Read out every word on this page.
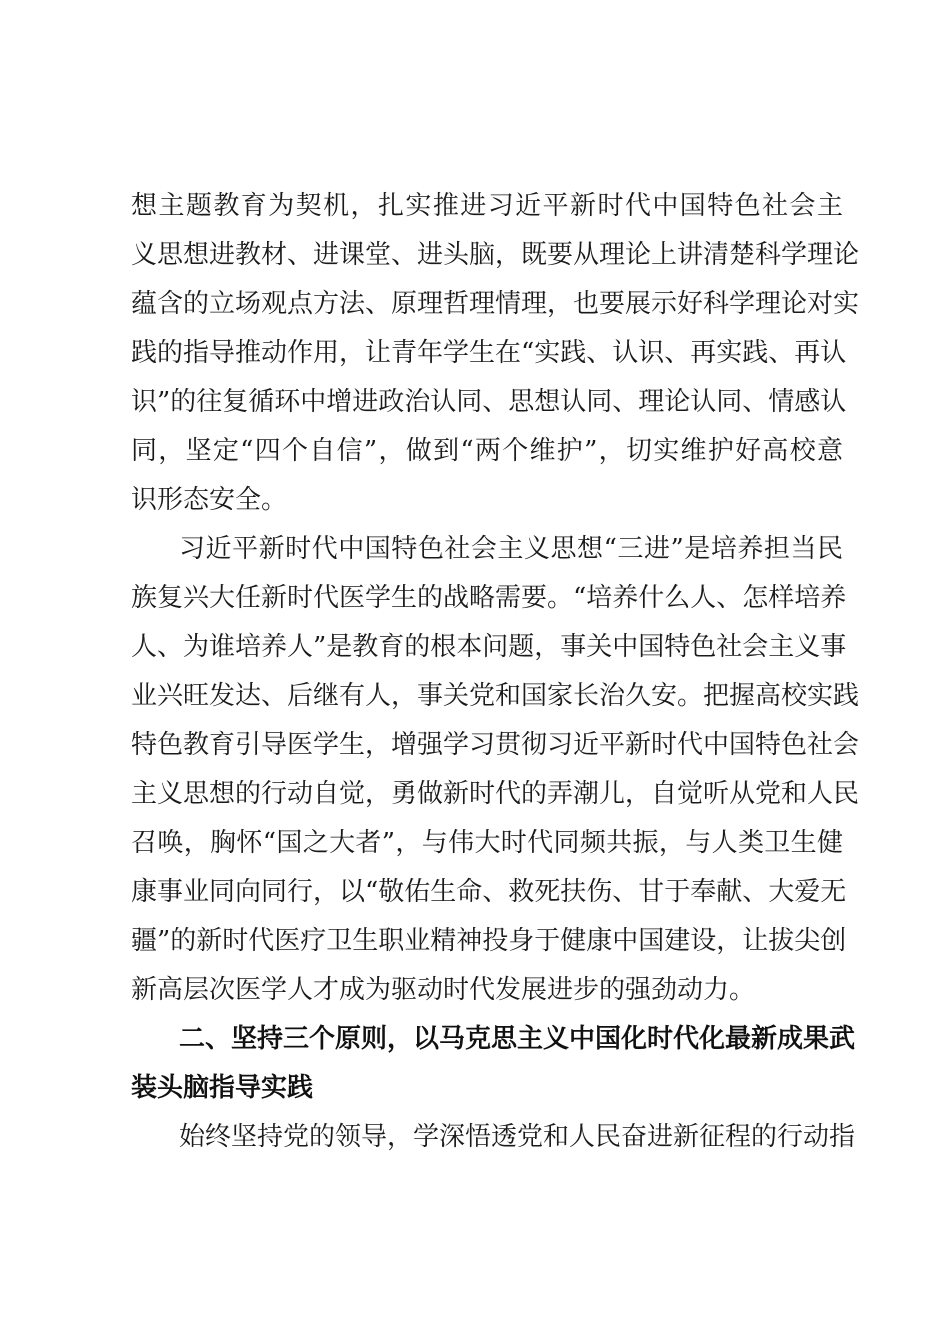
想主题教育为契机，扎实推进习近平新时代中国特色社会主
义思想进教材、进课堂、进头脑，既要从理论上讲清楚科学理论
蕴含的立场观点方法、原理哲理情理，也要展示好科学理论对实
践的指导推动作用，让青年学生在“实践、认识、再实践、再认
识”的往复循环中增进政治认同、思想认同、理论认同、情感认
同，坚定“四个自信”，做到“两个维护”，切实维护好高校意
识形态安全。
习近平新时代中国特色社会主义思想“三进”是培养担当民
族复兴大任新时代医学生的战略需要。“培养什么人、怎样培养
人、为谁培养人”是教育的根本问题，事关中国特色社会主义事
业兴旺发达、后继有人，事关党和国家长治久安。把握高校实践
特色教育引导医学生，增强学习贯彻习近平新时代中国特色社会
主义思想的行动自觉，勇做新时代的弄潮儿，自觉听从党和人民
召唤，胸怀“国之大者”，与伟大时代同频共振，与人类卫生健
康事业同向同行，以“敬佑生命、救死扶伤、甘于奉献、大爱无
疆”的新时代医疗卫生职业精神投身于健康中国建设，让拔尖创
新高层次医学人才成为驱动时代发展进步的强劲动力。
二、坚持三个原则，以马克思主义中国化时代化最新成果武
装头脑指导实践
始终坚持党的领导，学深悟透党和人民奋进新征程的行动指
